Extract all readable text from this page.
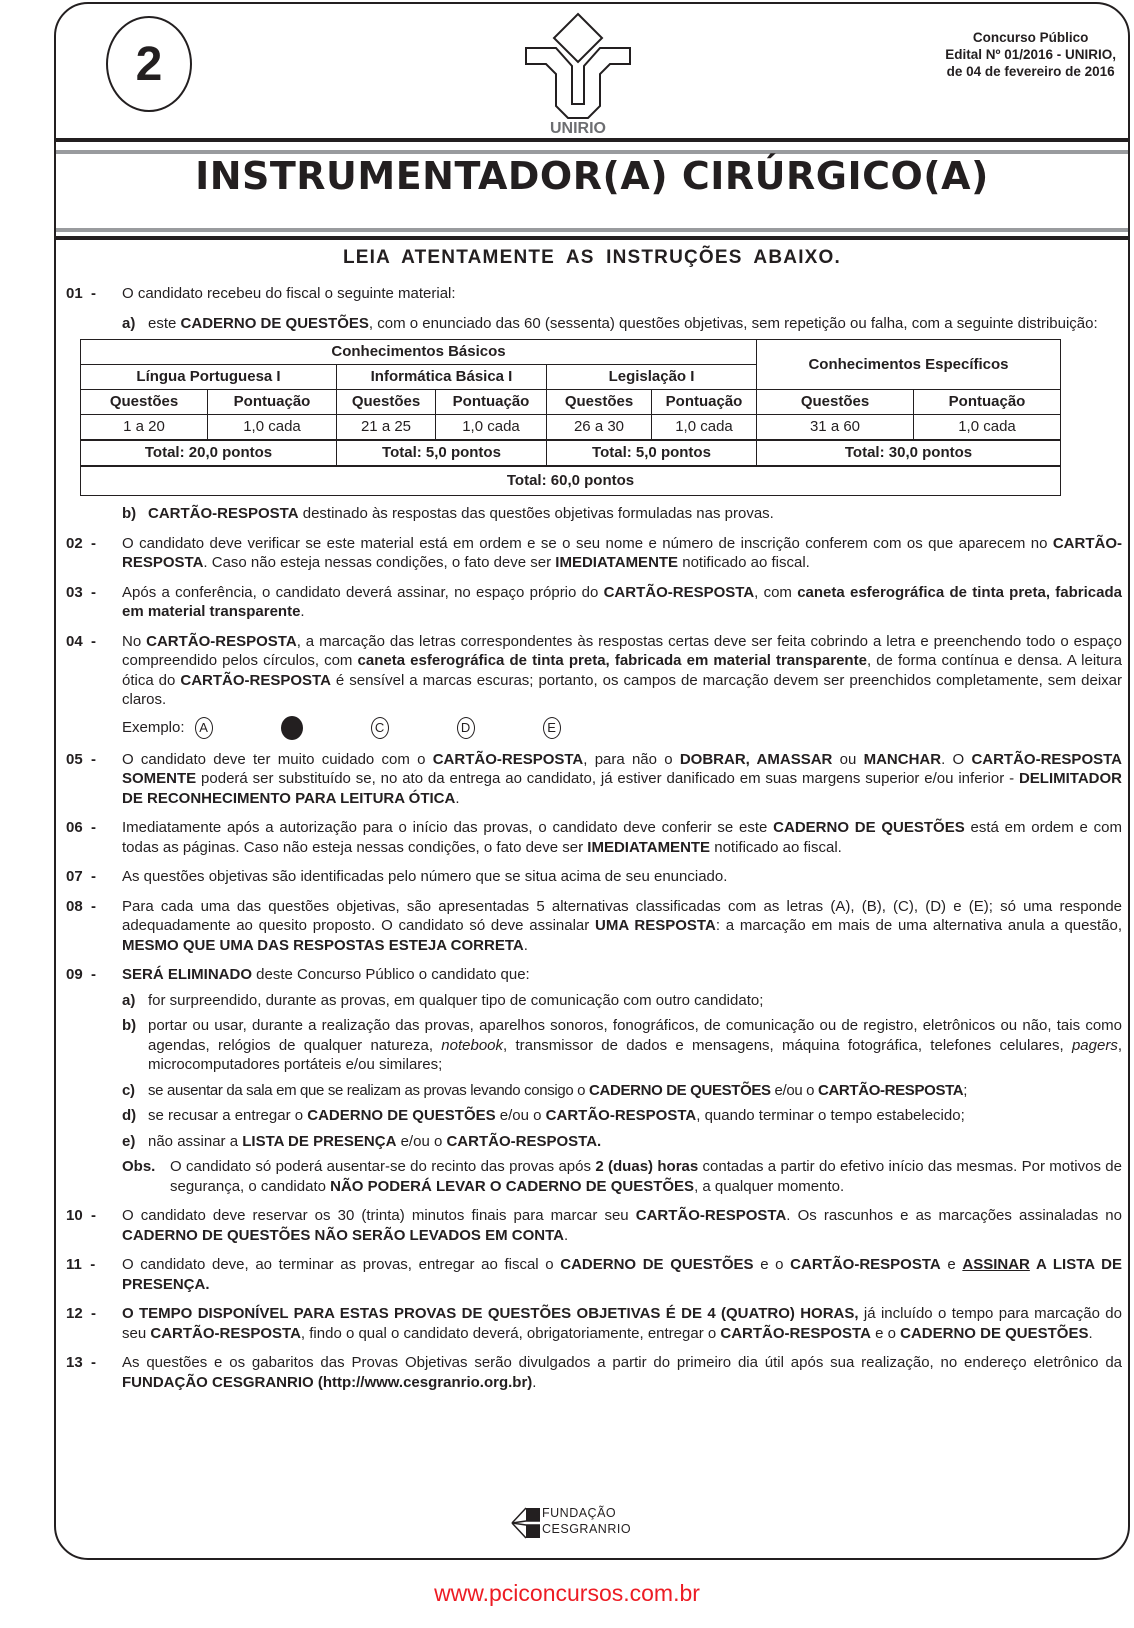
2
UNIRIO
Concurso Público
Edital Nº 01/2016 - UNIRIO,
de 04 de fevereiro de 2016
INSTRUMENTADOR(A) CIRÚRGICO(A)
LEIA ATENTAMENTE AS INSTRUÇÕES ABAIXO.
01  -	O candidato recebeu do fiscal o seguinte material:
a) este CADERNO DE QUESTÕES, com o enunciado das 60 (sessenta) questões objetivas, sem repetição ou falha, com a seguinte distribuição:
Conhecimentos Básicos						Conhecimentos Específicos	
Língua Portuguesa I		Informática Básica I		Legislação I			
Questões	Pontuação	Questões	Pontuação	Questões	Pontuação	Questões	Pontuação
1 a 20	1,0 cada	21 a 25	1,0 cada	26 a 30	1,0 cada	31 a 60	1,0 cada
Total: 20,0 pontos		Total: 5,0 pontos		Total: 5,0 pontos		Total: 30,0 pontos	
Total: 60,0 pontos							
b) CARTÃO-RESPOSTA destinado às respostas das questões objetivas formuladas nas provas.
02  -	O candidato deve verificar se este material está em ordem e se o seu nome e número de inscrição conferem com os que aparecem no CARTÃO-RESPOSTA. Caso não esteja nessas condições, o fato deve ser IMEDIATAMENTE notificado ao fiscal.
03  -	Após a conferência, o candidato deverá assinar, no espaço próprio do CARTÃO-RESPOSTA, com caneta esferográfica de tinta preta, fabricada em material transparente.
04  -	No CARTÃO-RESPOSTA, a marcação das letras correspondentes às respostas certas deve ser feita cobrindo a letra e preenchendo todo o espaço compreendido pelos círculos, com caneta esferográfica de tinta preta, fabricada em material transparente, de forma contínua e densa. A leitura ótica do CARTÃO-RESPOSTA é sensível a marcas escuras; portanto, os campos de marcação devem ser preenchidos completamente, sem deixar claros.
Exemplo:	A	C	D	E
05  -	O candidato deve ter muito cuidado com o CARTÃO-RESPOSTA, para não o DOBRAR, AMASSAR ou MANCHAR. O CARTÃO-RESPOSTA SOMENTE poderá ser substituído se, no ato da entrega ao candidato, já estiver danificado em suas margens superior e/ou inferior - DELIMITADOR DE RECONHECIMENTO PARA LEITURA ÓTICA.
06  -	Imediatamente após a autorização para o início das provas, o candidato deve conferir se este CADERNO DE QUESTÕES está em ordem e com todas as páginas. Caso não esteja nessas condições, o fato deve ser IMEDIATAMENTE notificado ao fiscal.
07  -	As questões objetivas são identificadas pelo número que se situa acima de seu enunciado.
08  -	Para cada uma das questões objetivas, são apresentadas 5 alternativas classificadas com as letras (A), (B), (C), (D) e (E); só uma responde adequadamente ao quesito proposto. O candidato só deve assinalar UMA RESPOSTA: a marcação em mais de uma alternativa anula a questão, MESMO QUE UMA DAS RESPOSTAS ESTEJA CORRETA.
09  -	SERÁ ELIMINADO deste Concurso Público o candidato que:
a) for surpreendido, durante as provas, em qualquer tipo de comunicação com outro candidato;
b) portar ou usar, durante a realização das provas, aparelhos sonoros, fonográficos, de comunicação ou de registro, eletrônicos ou não, tais como agendas, relógios de qualquer natureza, notebook, transmissor de dados e mensagens, máquina fotográfica, telefones celulares, pagers, microcomputadores portáteis e/ou similares;
c) se ausentar da sala em que se realizam as provas levando consigo o CADERNO DE QUESTÕES e/ou o CARTÃO-RESPOSTA;
d) se recusar a entregar o CADERNO DE QUESTÕES e/ou o CARTÃO-RESPOSTA, quando terminar o tempo estabelecido;
e) não assinar a LISTA DE PRESENÇA e/ou o CARTÃO-RESPOSTA.
Obs. O candidato só poderá ausentar-se do recinto das provas após 2 (duas) horas contadas a partir do efetivo início das mesmas. Por motivos de segurança, o candidato NÃO PODERÁ LEVAR O CADERNO DE QUESTÕES, a qualquer momento.
10  -	O candidato deve reservar os 30 (trinta) minutos finais para marcar seu CARTÃO-RESPOSTA. Os rascunhos e as marcações assinaladas no CADERNO DE QUESTÕES NÃO SERÃO LEVADOS EM CONTA.
11  -	O candidato deve, ao terminar as provas, entregar ao fiscal o CADERNO DE QUESTÕES e o CARTÃO-RESPOSTA e ASSINAR A LISTA DE PRESENÇA.
12  -	O TEMPO DISPONÍVEL PARA ESTAS PROVAS DE QUESTÕES OBJETIVAS É DE 4 (QUATRO) HORAS, já incluído o tempo para marcação do seu CARTÃO-RESPOSTA, findo o qual o candidato deverá, obrigatoriamente, entregar o CARTÃO-RESPOSTA e o CADERNO DE QUESTÕES.
13  -	As questões e os gabaritos das Provas Objetivas serão divulgados a partir do primeiro dia útil após sua realização, no endereço eletrônico da FUNDAÇÃO CESGRANRIO (http://www.cesgranrio.org.br).
FUNDAÇÃO
CESGRANRIO
www.pciconcursos.com.br
